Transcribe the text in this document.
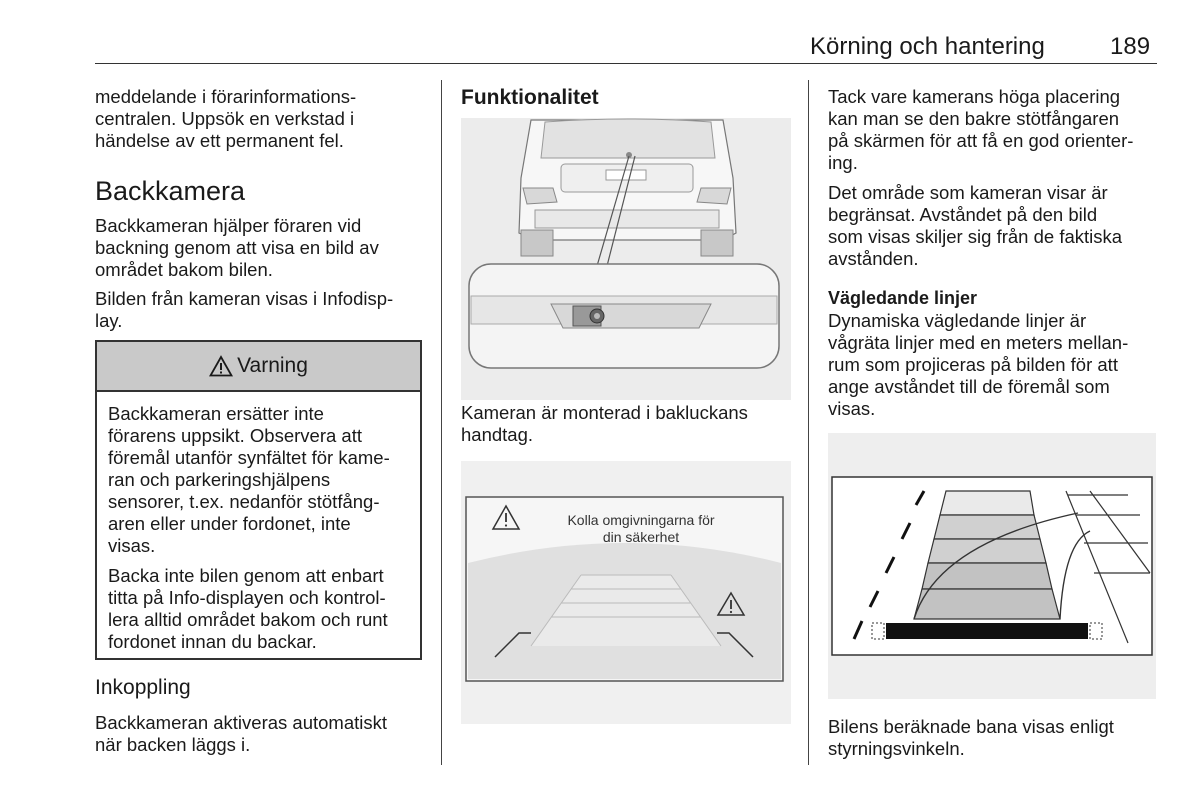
Körning och hantering	189
meddelande i förarinformations-
centralen. Uppsök en verkstad i
händelse av ett permanent fel.
Backkamera
Backkameran hjälper föraren vid
backning genom att visa en bild av
området bakom bilen.
Bilden från kameran visas i Infodisp-
lay.
Varning
Backkameran ersätter inte
förarens uppsikt. Observera att
föremål utanför synfältet för kame-
ran och parkeringshjälpens
sensorer, t.ex. nedanför stötfång-
aren eller under fordonet, inte
visas.
Backa inte bilen genom att enbart
titta på Info-displayen och kontrol-
lera alltid området bakom och runt
fordonet innan du backar.
Inkoppling
Backkameran aktiveras automatiskt
när backen läggs i.
Funktionalitet
Kameran är monterad i bakluckans
handtag.
Kolla omgivningarna för
din säkerhet
Tack vare kamerans höga placering
kan man se den bakre stötfångaren
på skärmen för att få en god orienter-
ing.
Det område som kameran visar är
begränsat. Avståndet på den bild
som visas skiljer sig från de faktiska
avstånden.
Vägledande linjer
Dynamiska vägledande linjer är
vågräta linjer med en meters mellan-
rum som projiceras på bilden för att
ange avståndet till de föremål som
visas.
Bilens beräknade bana visas enligt
styrningsvinkeln.
